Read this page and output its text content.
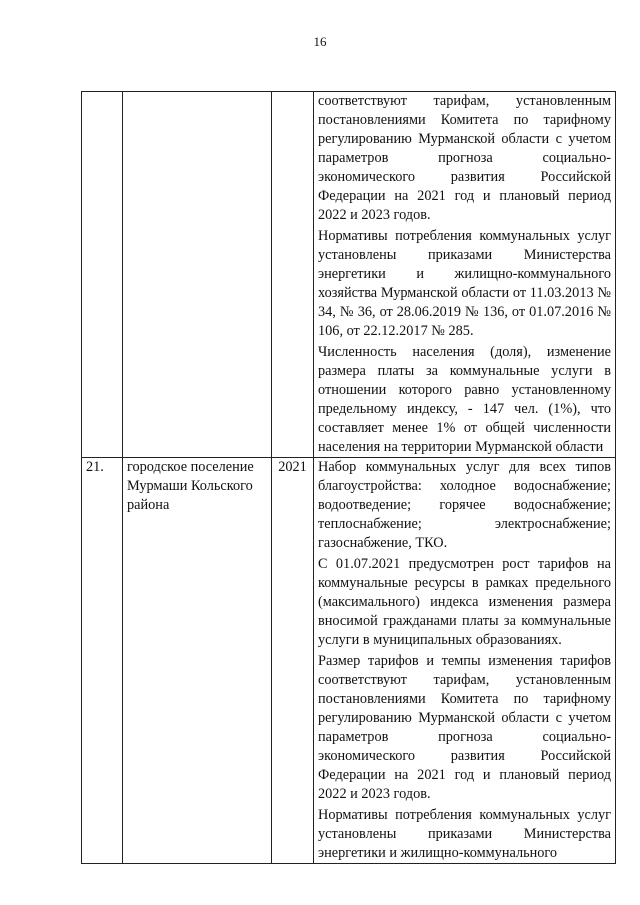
16

			соответствуют тарифам, установленным постановлениями Комитета по тарифному регулированию Мурманской области с учетом параметров прогноза социально-экономического развития Российской Федерации на 2021 год и плановый период 2022 и 2023 годов.

Нормативы потребления коммунальных услуг установлены приказами Министерства энергетики и жилищно-коммунального хозяйства Мурманской области от 11.03.2013 № 34, № 36, от 28.06.2019 № 136, от 01.07.2016 № 106, от 22.12.2017 № 285.

Численность населения (доля), изменение размера платы за коммунальные услуги в отношении которого равно установленному предельному индексу, - 147 чел. (1%), что составляет менее 1% от общей численности населения на территории Мурманской области

21.	городское поселение Мурмаши Кольского района	2021	Набор коммунальных услуг для всех типов благоустройства: холодное водоснабжение; водоотведение; горячее водоснабжение; теплоснабжение; электроснабжение; газоснабжение, ТКО.

С 01.07.2021 предусмотрен рост тарифов на коммунальные ресурсы в рамках предельного (максимального) индекса изменения размера вносимой гражданами платы за коммунальные услуги в муниципальных образованиях.

Размер тарифов и темпы изменения тарифов соответствуют тарифам, установленным постановлениями Комитета по тарифному регулированию Мурманской области с учетом параметров прогноза социально-экономического развития Российской Федерации на 2021 год и плановый период 2022 и 2023 годов.

Нормативы потребления коммунальных услуг установлены приказами Министерства энергетики и жилищно-коммунального
